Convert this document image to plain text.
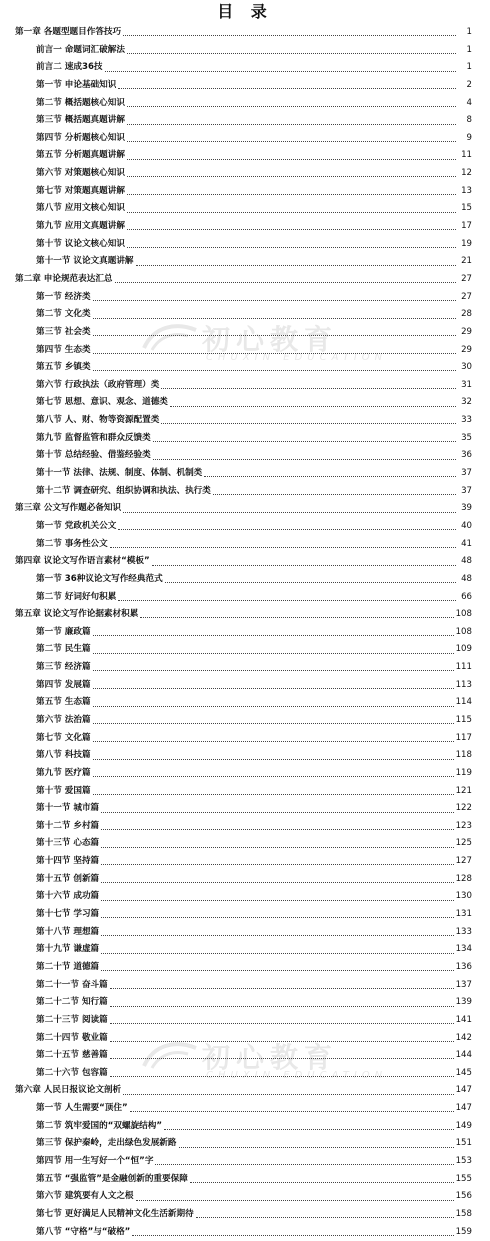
目 录
第一章 各题型题目作答技巧	1
前言一 命题词汇破解法	1
前言二 速成36技	1
第一节 申论基础知识	2
第二节 概括题核心知识	4
第三节 概括题真题讲解	8
第四节 分析题核心知识	9
第五节 分析题真题讲解	11
第六节 对策题核心知识	12
第七节 对策题真题讲解	13
第八节 应用文核心知识	15
第九节 应用文真题讲解	17
第十节 议论文核心知识	19
第十一节 议论文真题讲解	21
第二章 申论规范表达汇总	27
第一节 经济类	27
第二节 文化类	28
第三节 社会类	29
第四节 生态类	29
第五节 乡镇类	30
第六节 行政执法（政府管理）类	31
第七节 思想、意识、观念、道德类	32
第八节 人、财、物等资源配置类	33
第九节 监督监管和群众反馈类	35
第十节 总结经验、借鉴经验类	36
第十一节 法律、法规、制度、体制、机制类	37
第十二节 调查研究、组织协调和执法、执行类	37
第三章 公文写作题必备知识	39
第一节 党政机关公文	40
第二节 事务性公文	41
第四章 议论文写作语言素材“模板”	48
第一节 36种议论文写作经典范式	48
第二节 好词好句积累	66
第五章 议论文写作论据素材积累	108
第一节 廉政篇	108
第二节 民生篇	109
第三节 经济篇	111
第四节 发展篇	113
第五节 生态篇	114
第六节 法治篇	115
第七节 文化篇	117
第八节 科技篇	118
第九节 医疗篇	119
第十节 爱国篇	121
第十一节 城市篇	122
第十二节 乡村篇	123
第十三节 心态篇	125
第十四节 坚持篇	127
第十五节 创新篇	128
第十六节 成功篇	130
第十七节 学习篇	131
第十八节 理想篇	133
第十九节 谦虚篇	134
第二十节 道德篇	136
第二十一节 奋斗篇	137
第二十二节 知行篇	139
第二十三节 阅读篇	141
第二十四节 敬业篇	142
第二十五节 慈善篇	144
第二十六节 包容篇	145
第六章 人民日报议论文剖析	147
第一节 人生需要“顶住”	147
第二节 筑牢爱国的“双螺旋结构”	149
第三节 保护秦岭，走出绿色发展新路	151
第四节 用一生写好一个“恒”字	153
第五节 “强监管”是金融创新的重要保障	155
第六节 建筑要有人文之根	156
第七节 更好满足人民精神文化生活新期待	158
第八节 “守格”与“破格”	159
初心教育
CHUXIN EDUCATION
初心教育
CHUXIN EDUCATION
